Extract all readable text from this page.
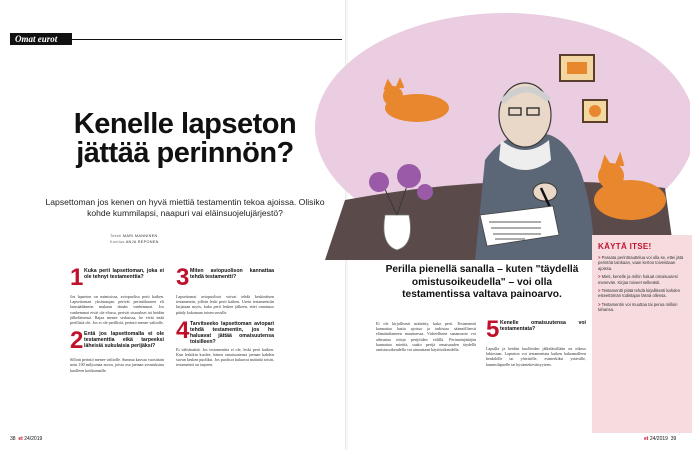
Omat eurot
Kenelle lapseton jättää perinnön?

Lapsettoman jos kenen on hyvä miettiä testamentin tekoa ajoissa. Olisiko kohde kummilapsi, naapuri vai eläinsuojelujärjestö?

Teksti MARI MANNINEN
Kuvitus ANJA REPONEN
1 Kuka perii lapsettoman, joka ei ole tehnyt testamenttia?
Jos lapseton on naimisissa, aviopuoliso perii kaiken. Lapsettoman yksinasujan perivät perintökaaren eli lainsäädännön mukaan tämän vanhemmat. Jos vanhemmat eivät ole elossa, perivät sisarukset tai heidän jälkeläisensä. Rajaa menee serkuissa, he eivät enää perillisiä ole. Jos ei ole perillisiä, perintö menee valtiolle.
2 Entä jos lapsettomalla ei ole testamenttia eikä tarpeeksi läheisiä sukulaisia perijäksi?
Silloin perintö menee valtiolle. Summa kasvaa vuosittain noin 100 miljoonaa euroa, joista osa jaetaan avustuksina kuolleen kotikunnalle.
3 Miten aviopuolison kannattaa tehdä testamentti?
Lapsettomat aviopuolisot voivat tehdä keskinäisen testamentin, jolloin leski perii kaiken. Usein testamenttiin kirjataan myös, kuka perii lesken jälkeen, ettei omaisuus päädy kokonaan toisen suvulle.
4 Tarvitseeko lapsettoman aviopari tehdä testamentin, jos he haluavat jättää omaisuutensa toisilleen?
Ei välttämättä. Jos testamenttia ei ole, leski perii kaiken. Kun leskikin kuolee, hänen omaisuutensa jaetaan kahden suvun kesken puoliksi. Jos puolisot haluavat määrätä toisin, testamentti on tarpeen.
38 et 24/2019	et 24/2019 39
Perilla pienellä sanalla – kuten "täydellä omistusoikeudella" – voi olla testamentissa valtava painoarvo.
Ei ole kirjallisesti määrätty, kuka perii. Testamentti kannattaa laatia ajoissa ja tarkistaa säännöllisesti elämäntilanteen muuttuessa. Virheellinen sanamuoto voi aiheuttaa riitoja perijöiden välillä. Perinnönjättäjän kannattaa miettiä, saako perijä omaisuuden täydellä omistusoikeudella vai ainoastaan käyttöoikeudella.
5 Kenelle omaisuutensa voi testamentata?
Lapsilla ja heidän kuolleiden jälkeläisillään on oikeus lakiosaan. Lapseton voi testamentata kaiken haluamalleen henkilölle tai yhteisölle, esimerkiksi ystävälle, kummilapselle tai hyväntekeväisyyteen.
KÄYTÄ ITSE!
> Paraata perintöauttelua voi olla se, ettei jätä perintöä lainkaan, vaan kertoo toiveistaan ajoissa.
> Mieti, kenelle ja mihin haluat omaisuutesi menevän. Kirjaa toiveet selkeästi.
> Testamentti pitää tehdä kirjallisesti kahden esteettömän todistajan läsnä ollessa.
> Testamentin voi muuttaa tai perua milloin tahansa.
